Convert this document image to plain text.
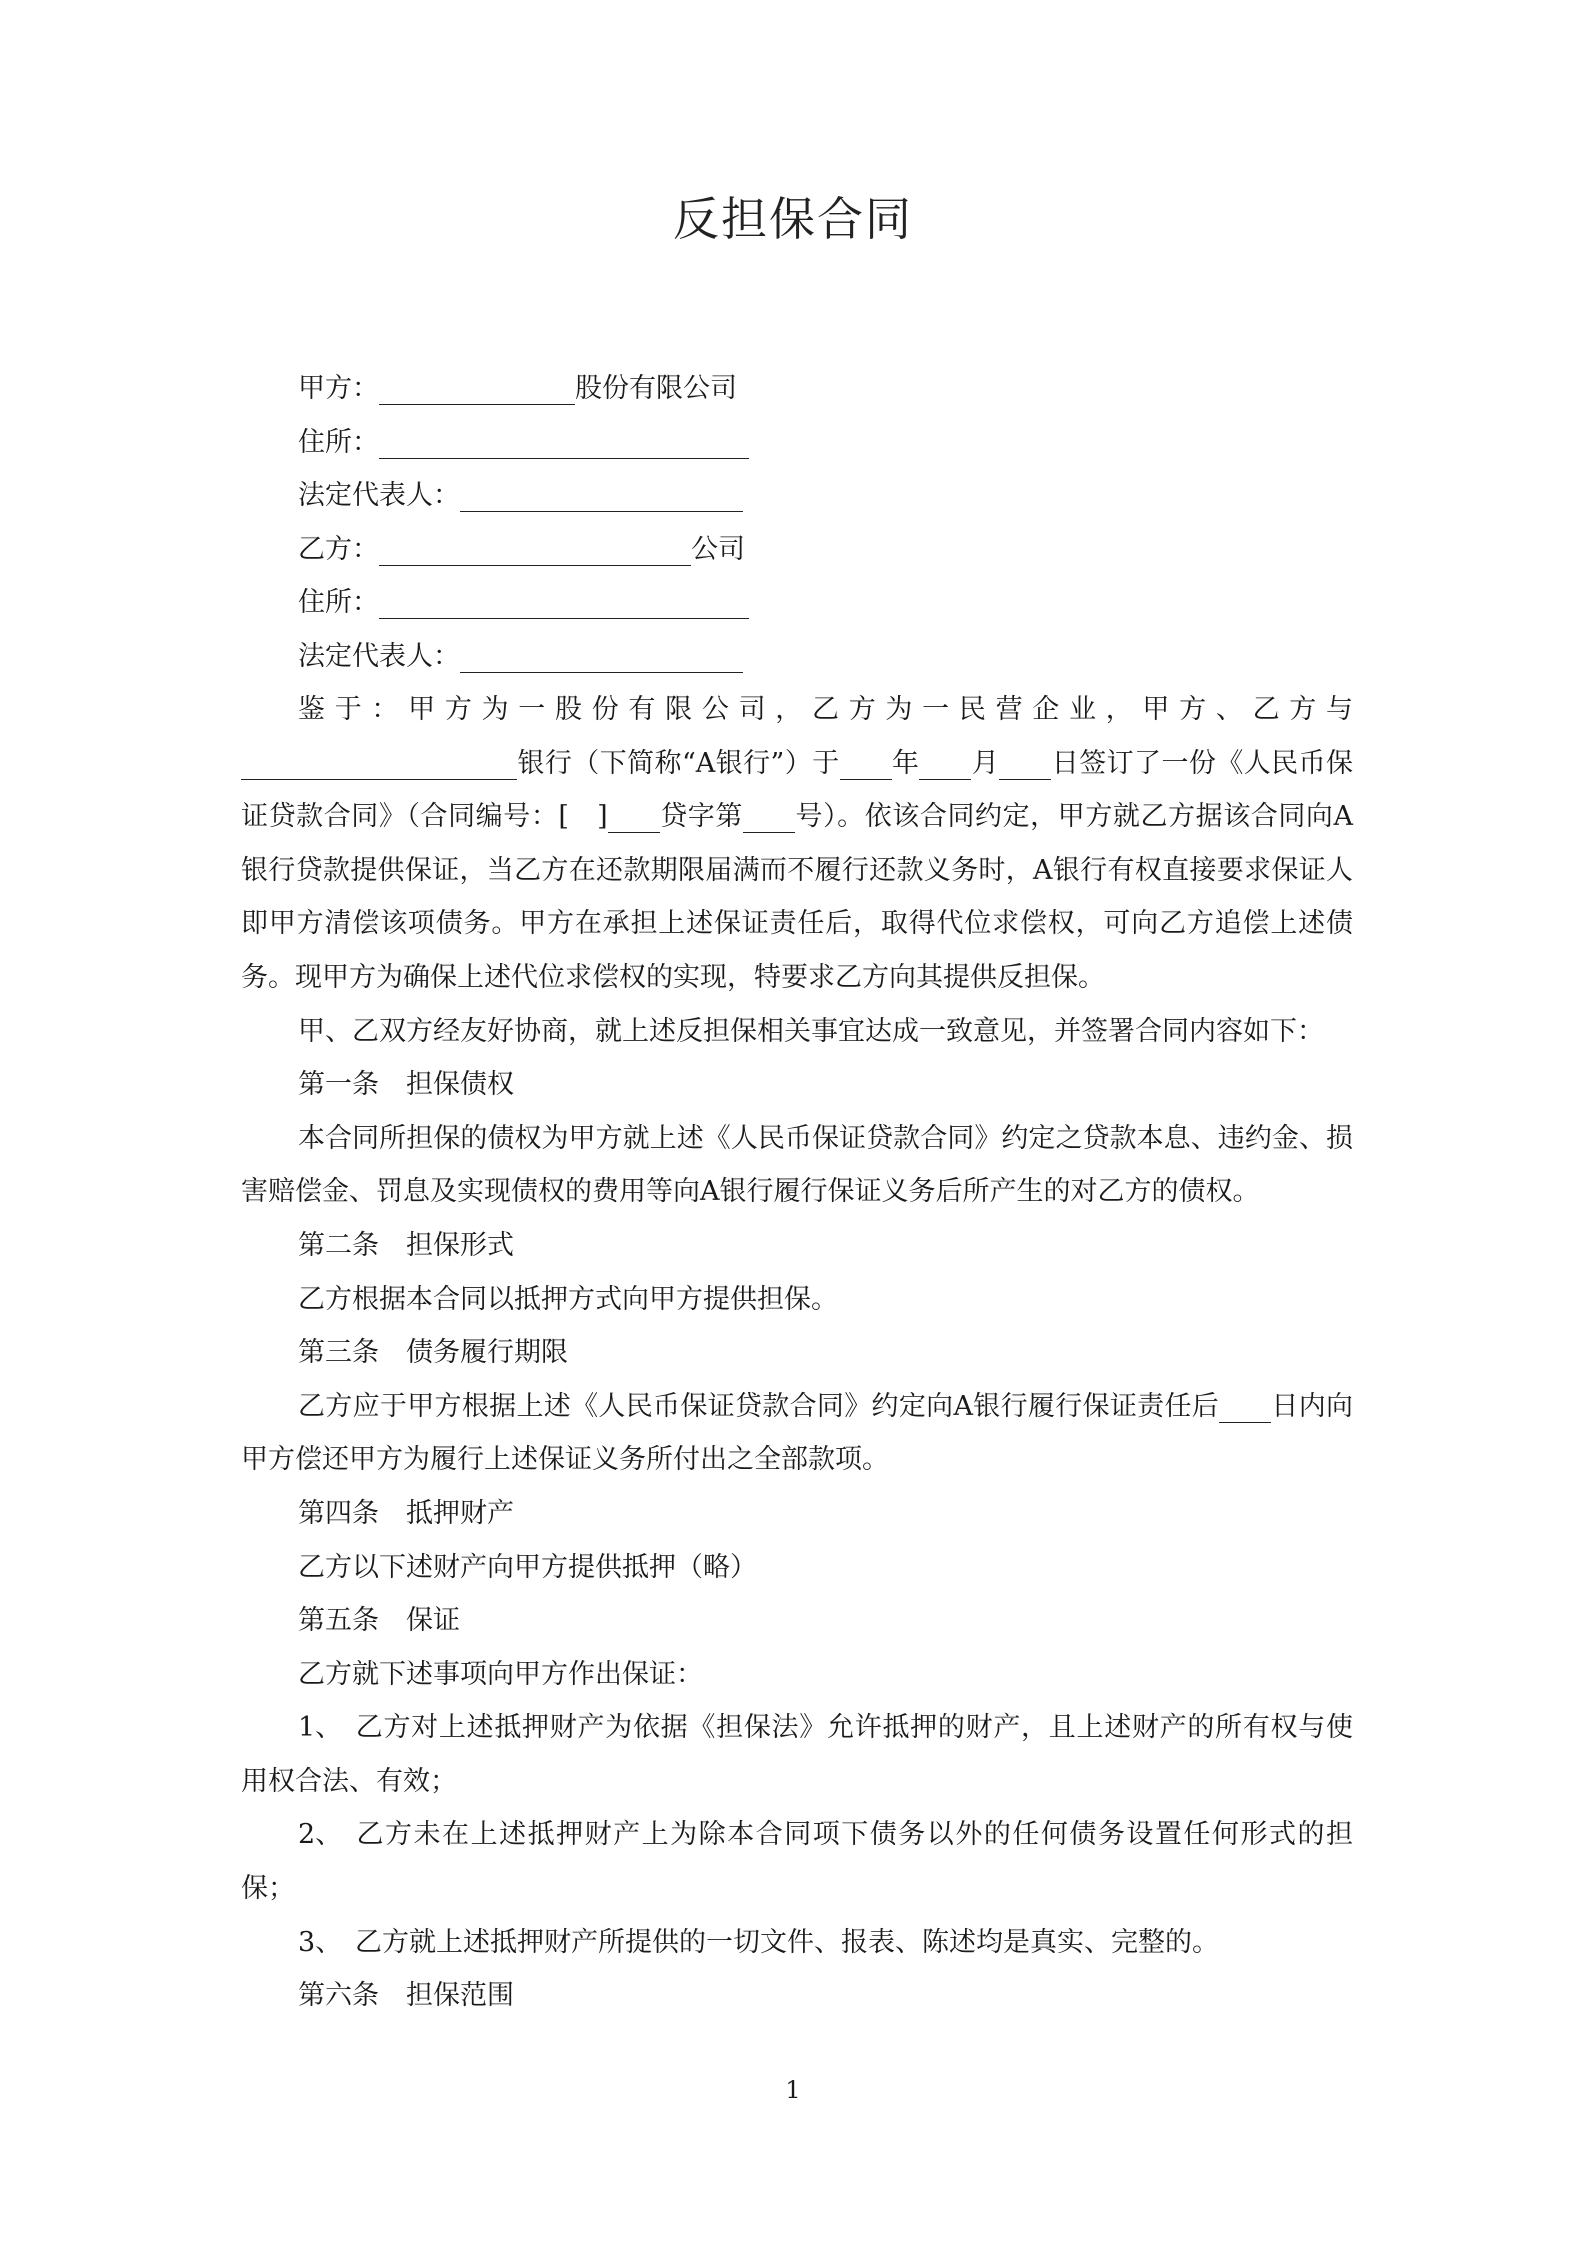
反担保合同
甲方：	股份有限公司
住所：
法定代表人：
乙方：	公司
住所：
法定代表人：

鉴于：甲方为一股份有限公司，乙方为一民营企业，甲方、乙方与银行（下简称“A银行”）于 年 月 日签订了一份《人民币保证贷款合同》（合同编号：[　] 贷字第 号）。依该合同约定，甲方就乙方据该合同向A银行贷款提供保证，当乙方在还款期限届满而不履行还款义务时，A银行有权直接要求保证人即甲方清偿该项债务。甲方在承担上述保证责任后，取得代位求偿权，可向乙方追偿上述债务。现甲方为确保上述代位求偿权的实现，特要求乙方向其提供反担保。

甲、乙双方经友好协商，就上述反担保相关事宜达成一致意见，并签署合同内容如下：

第一条　担保债权

本合同所担保的债权为甲方就上述《人民币保证贷款合同》约定之贷款本息、违约金、损害赔偿金、罚息及实现债权的费用等向A银行履行保证义务后所产生的对乙方的债权。

第二条　担保形式

乙方根据本合同以抵押方式向甲方提供担保。

第三条　债务履行期限

乙方应于甲方根据上述《人民币保证贷款合同》约定向A银行履行保证责任后 日内向甲方偿还甲方为履行上述保证义务所付出之全部款项。

第四条　抵押财产

乙方以下述财产向甲方提供抵押（略）

第五条　保证

乙方就下述事项向甲方作出保证：

1、 乙方对上述抵押财产为依据《担保法》允许抵押的财产，且上述财产的所有权与使用权合法、有效；

2、 乙方未在上述抵押财产上为除本合同项下债务以外的任何债务设置任何形式的担保；

3、 乙方就上述抵押财产所提供的一切文件、报表、陈述均是真实、完整的。

第六条　担保范围

1
